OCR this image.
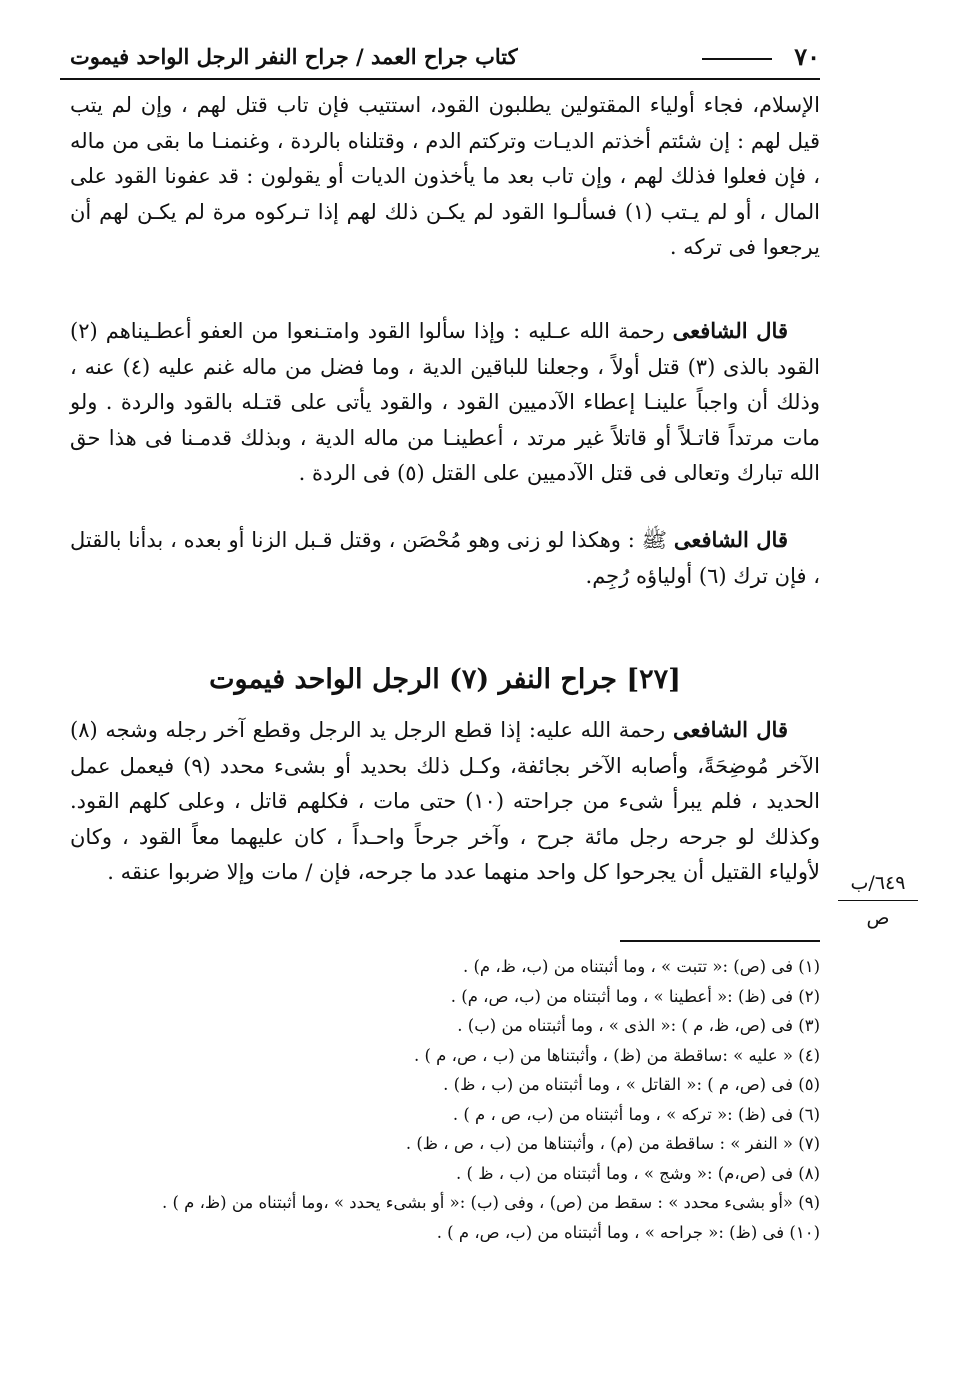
٧٠
كتاب جراح العمد / جراح النفر الرجل الواحد فيموت
الإسلام، فجاء أولياء المقتولين يطلبون القود، استتيب فإن تاب قتل لهم ، وإن لم يتب قيل لهم : إن شئتم أخذتم الديـات وتركتم الدم ، وقتلناه بالردة ، وغنمنـا ما بقى من ماله ، فإن فعلوا فذلك لهم ، وإن تاب بعد ما يأخذون الديات أو يقولون : قد عفونا القود على المال ، أو لم يـتب (١) فسألـوا القود لم يكـن ذلك لهم إذا تـركوه مرة لم يكـن لهم أن يرجعوا فى تركه .
قال الشافعى رحمة الله عـليه : وإذا سألوا القود وامتـنعوا من العفو أعطـيناهم (٢) القود بالذى (٣) قتل أولاً ، وجعلنا للباقين الدية ، وما فضل من ماله غنم عليه (٤) عنه ، وذلك أن واجباً علينـا إعطاء الآدميين القود ، والقود يأتى على قتـله بالقود والردة . ولو مات مرتداً قاتـلاً أو قاتلاً غير مرتد ، أعطينـا من ماله الدية ، وبذلك قدمـنا فى هذا حق الله تبارك وتعالى فى قتل الآدميين على القتل (٥) فى الردة .
قال الشافعى ﷺ : وهكذا لو زنى وهو مُحْصَن ، وقتل قـبل الزنا أو بعده ، بدأنا بالقتل ، فإن ترك (٦) أولياؤه رُجِم.
[٢٧] جراح النفر (٧) الرجل الواحد فيموت
قال الشافعى رحمة الله عليه: إذا قطع الرجل يد الرجل وقطع آخر رجله وشجه (٨) الآخر مُوضِحَةً، وأصابه الآخر بجائفة، وكـل ذلك بحديد أو بشىء محدد (٩) فيعمل عمل الحديد ، فلم يبرأ شىء من جراحته (١٠) حتى مات ، فكلهم قاتل ، وعلى كلهم القود. وكذلك لو جرحه رجل مائة جرح ، وآخر جرحاً واحـداً ، كان عليهما معاً القود ، وكان لأولياء القتيل أن يجرحوا كل واحد منهما عدد ما جرحه، فإن / مات وإلا ضربوا عنقه .	٦٤٩/ب
ص
(١) فى (ص) :« تتبت » ، وما أثبتناه من (ب، ظ، م) .
(٢) فى (ظ) :« أعطينا » ، وما أثبتناه من (ب، ص، م) .
(٣) فى (ص، ظ، م ) :« الذى » ، وما أثبتناه من (ب) .
(٤) « عليه » :ساقطة من (ظ) ، وأثبتناها من (ب ، ص، م ) .
(٥) فى (ص، م ) :« القاتل » ، وما أثبتناه من (ب ، ظ) .
(٦) فى (ظ) :« تركه » ، وما أثبتناه من (ب، ص ، م ) .
(٧) « النفر » : ساقطة من (م) ، وأثبتناها من (ب ، ص ، ظ) .
(٨) فى (ص،م) :« وشج » ، وما أثبتناه من (ب ، ظ ) .
(٩) «أو بشىء محدد » : سقط من (ص) ، وفى (ب) :« أو بشىء يحدد » ،وما أثبتناه من (ظ، م ) .
(١٠) فى (ظ) :« جراحه » ، وما أثبتناه من (ب، ص، م ) .
